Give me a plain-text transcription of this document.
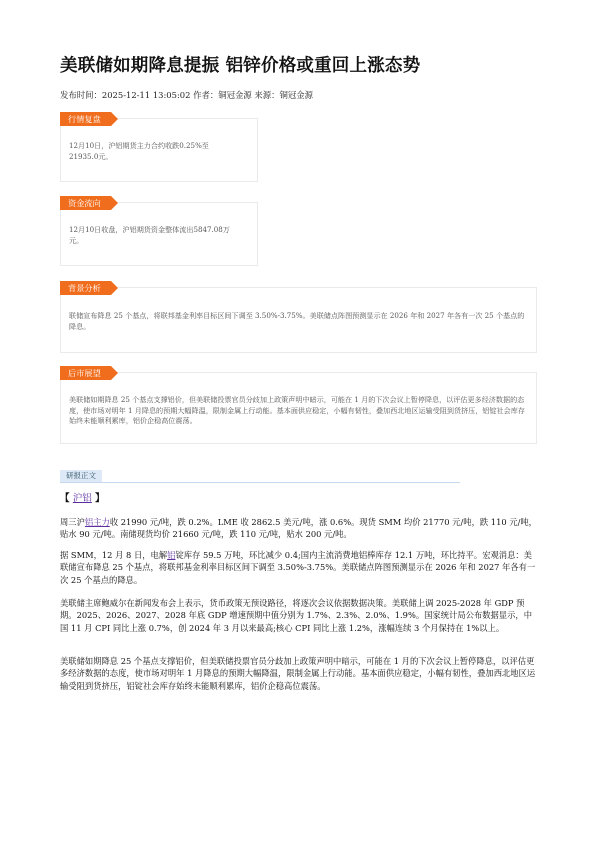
美联储如期降息提振 铝锌价格或重回上涨态势
发布时间：2025-12-11 13:05:02 作者：铜冠金源 来源：铜冠金源
行情复盘
12月10日，沪铝期货主力合约收跌0.25%至21935.0元。
资金流向
12月10日收盘，沪铝期货资金整体流出5847.08万元。
背景分析
联储宣布降息 25 个基点，将联邦基金利率目标区间下调至 3.50%-3.75%。美联储点阵图预测显示在 2026 年和 2027 年各有一次 25 个基点的降息。
后市展望
美联储如期降息 25 个基点支撑铝价，但美联储投票官员分歧加上政策声明中暗示，可能在 1 月的下次会议上暂停降息，以评估更多经济数据的态度，使市场对明年 1 月降息的预期大幅降温，限制金属上行动能。基本面供应稳定，小幅有韧性，叠加西北地区运输受阻到货挤压，铝锭社会库存始终未能顺利累库，铝价企稳高位震荡。
研报正文
【 沪铝 】
周三沪铝主力收 21990 元/吨，跌 0.2%。LME 收 2862.5 美元/吨，涨 0.6%。现货 SMM 均价 21770 元/吨，跌 110 元/吨，贴水 90 元/吨。南储现货均价 21660 元/吨，跌 110 元/吨，贴水 200 元/吨。
据 SMM，12 月 8 日，电解铝锭库存 59.5 万吨，环比减少 0.4;国内主流消费地铝棒库存 12.1 万吨，环比持平。宏观消息：美联储宣布降息 25 个基点，将联邦基金利率目标区间下调至 3.50%-3.75%。美联储点阵图预测显示在 2026 年和 2027 年各有一次 25 个基点的降息。
美联储主席鲍威尔在新闻发布会上表示，货币政策无预设路径，将逐次会议依据数据决策。美联储上调 2025-2028 年 GDP 预期。2025、2026、2027、2028 年底 GDP 增速预期中值分别为 1.7%、2.3%、2.0%、1.9%。国家统计局公布数据显示，中国 11 月 CPI 同比上涨 0.7%，创 2024 年 3 月以来最高;核心 CPI 同比上涨 1.2%，涨幅连续 3 个月保持在 1%以上。
美联储如期降息 25 个基点支撑铝价，但美联储投票官员分歧加上政策声明中暗示，可能在 1 月的下次会议上暂停降息，以评估更多经济数据的态度，使市场对明年 1 月降息的预期大幅降温，限制金属上行动能。基本面供应稳定，小幅有韧性，叠加西北地区运输受阻到货挤压，铝锭社会库存始终未能顺利累库，铝价企稳高位震荡。
